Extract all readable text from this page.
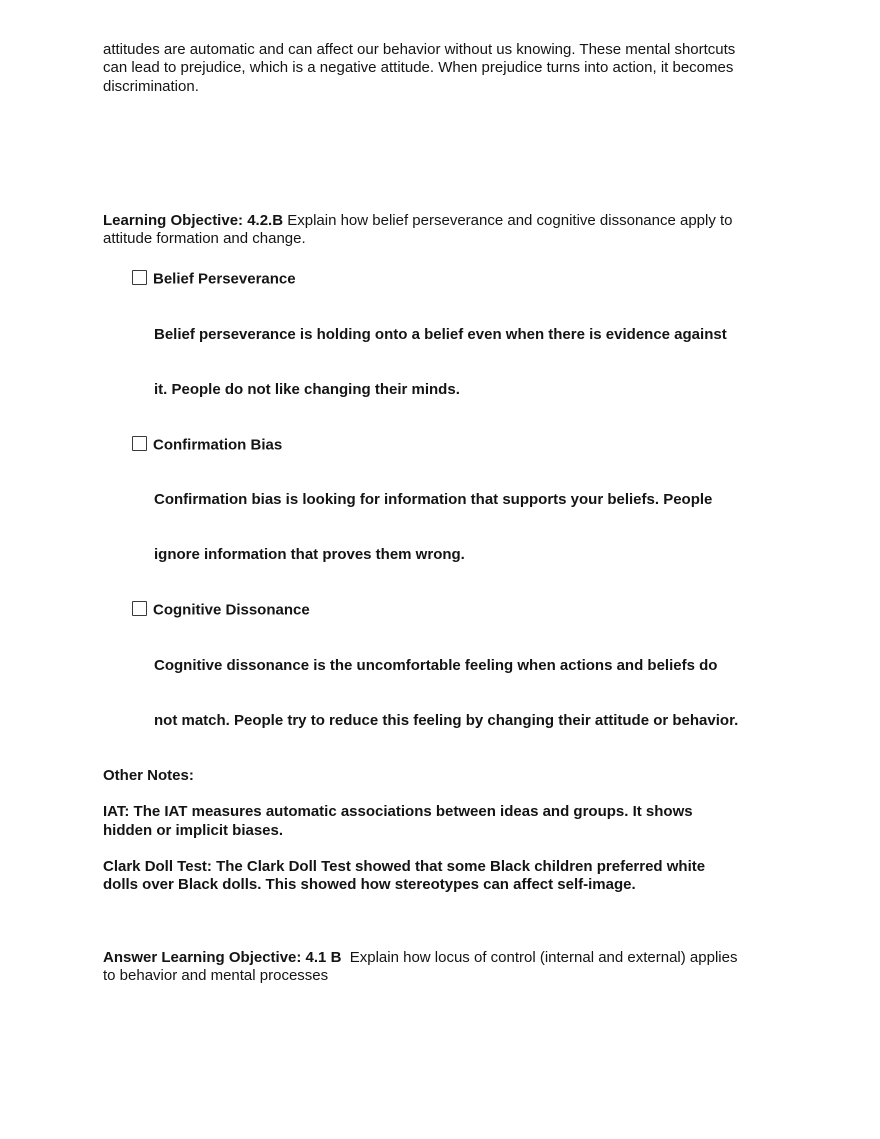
attitudes are automatic and can affect our behavior without us knowing. These mental shortcuts
can lead to prejudice, which is a negative attitude. When prejudice turns into action, it becomes
discrimination.
Learning Objective: 4.2.B Explain how belief perseverance and cognitive dissonance apply to
attitude formation and change.
Belief Perseverance
Belief perseverance is holding onto a belief even when there is evidence against
it. People do not like changing their minds.
Confirmation Bias
Confirmation bias is looking for information that supports your beliefs. People
ignore information that proves them wrong.
Cognitive Dissonance
Cognitive dissonance is the uncomfortable feeling when actions and beliefs do
not match. People try to reduce this feeling by changing their attitude or behavior.
Other Notes:
IAT: The IAT measures automatic associations between ideas and groups. It shows
hidden or implicit biases.
Clark Doll Test: The Clark Doll Test showed that some Black children preferred white
dolls over Black dolls. This showed how stereotypes can affect self-image.
Answer Learning Objective: 4.1 B  Explain how locus of control (internal and external) applies
to behavior and mental processes
